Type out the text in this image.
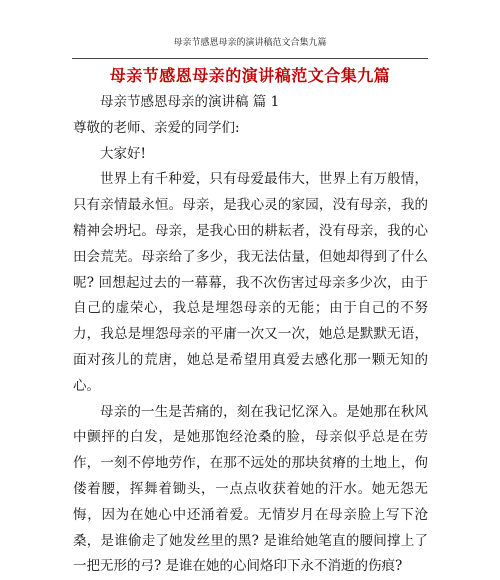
母亲节感恩母亲的演讲稿范文合集九篇
母亲节感恩母亲的演讲稿范文合集九篇

母亲节感恩母亲的演讲稿 篇 1

尊敬的老师、亲爱的同学们:

大家好!

世界上有千种爱，只有母爱最伟大，世界上有万般情，只有亲情最永恒。母亲，是我心灵的家园，没有母亲，我的精神会坍圮。母亲，是我心田的耕耘者，没有母亲，我的心田会荒芜。母亲给了多少，我无法估量，但她却得到了什么呢? 回想起过去的一幕幕，我不次伤害过母亲多少次，由于自己的虚荣心，我总是埋怨母亲的无能；由于自己的不努力，我总是埋怨母亲的平庸一次又一次，她总是默默无语，面对孩儿的荒唐，她总是希望用真爱去感化那一颗无知的心。

母亲的一生是苦痛的，刻在我记忆深入。是她那在秋风中颤抨的白发，是她那饱经沧桑的脸，母亲似乎总是在劳作，一刻不停地劳作，在那不远处的那块贫瘠的土地上，佝偻着腰，挥舞着锄头，一点点收获着她的汗水。她无怨无悔，因为在她心中还涌着爱。无情岁月在母亲脸上写下沧桑，是谁偷走了她发丝里的黑? 是谁给她笔直的腰间撑上了一把无形的弓? 是谁在她的心间烙印下永不消逝的伤痕?
